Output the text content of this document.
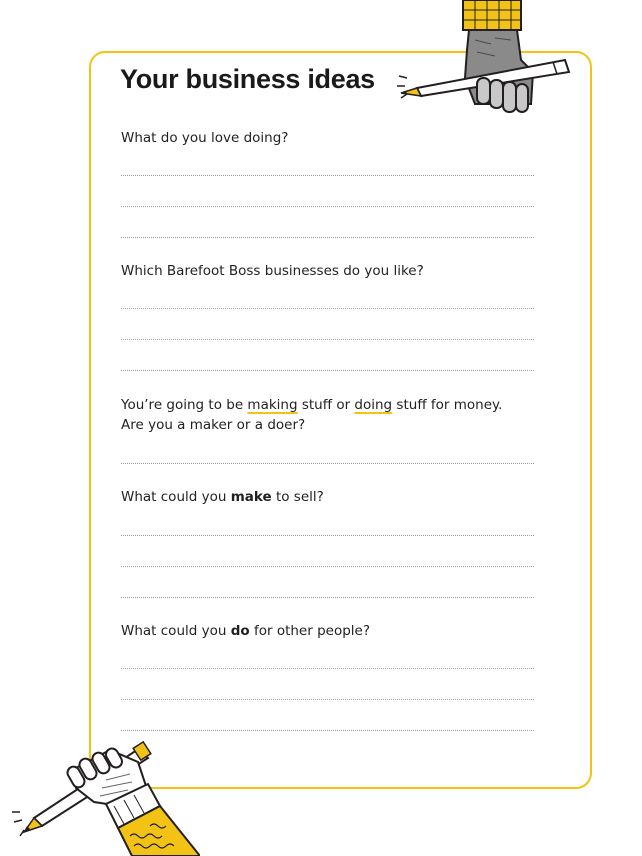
Your business ideas
What do you love doing?
Which Barefoot Boss businesses do you like?
You’re going to be making stuff or doing stuff for money.
Are you a maker or a doer?
What could you make to sell?
What could you do for other people?
